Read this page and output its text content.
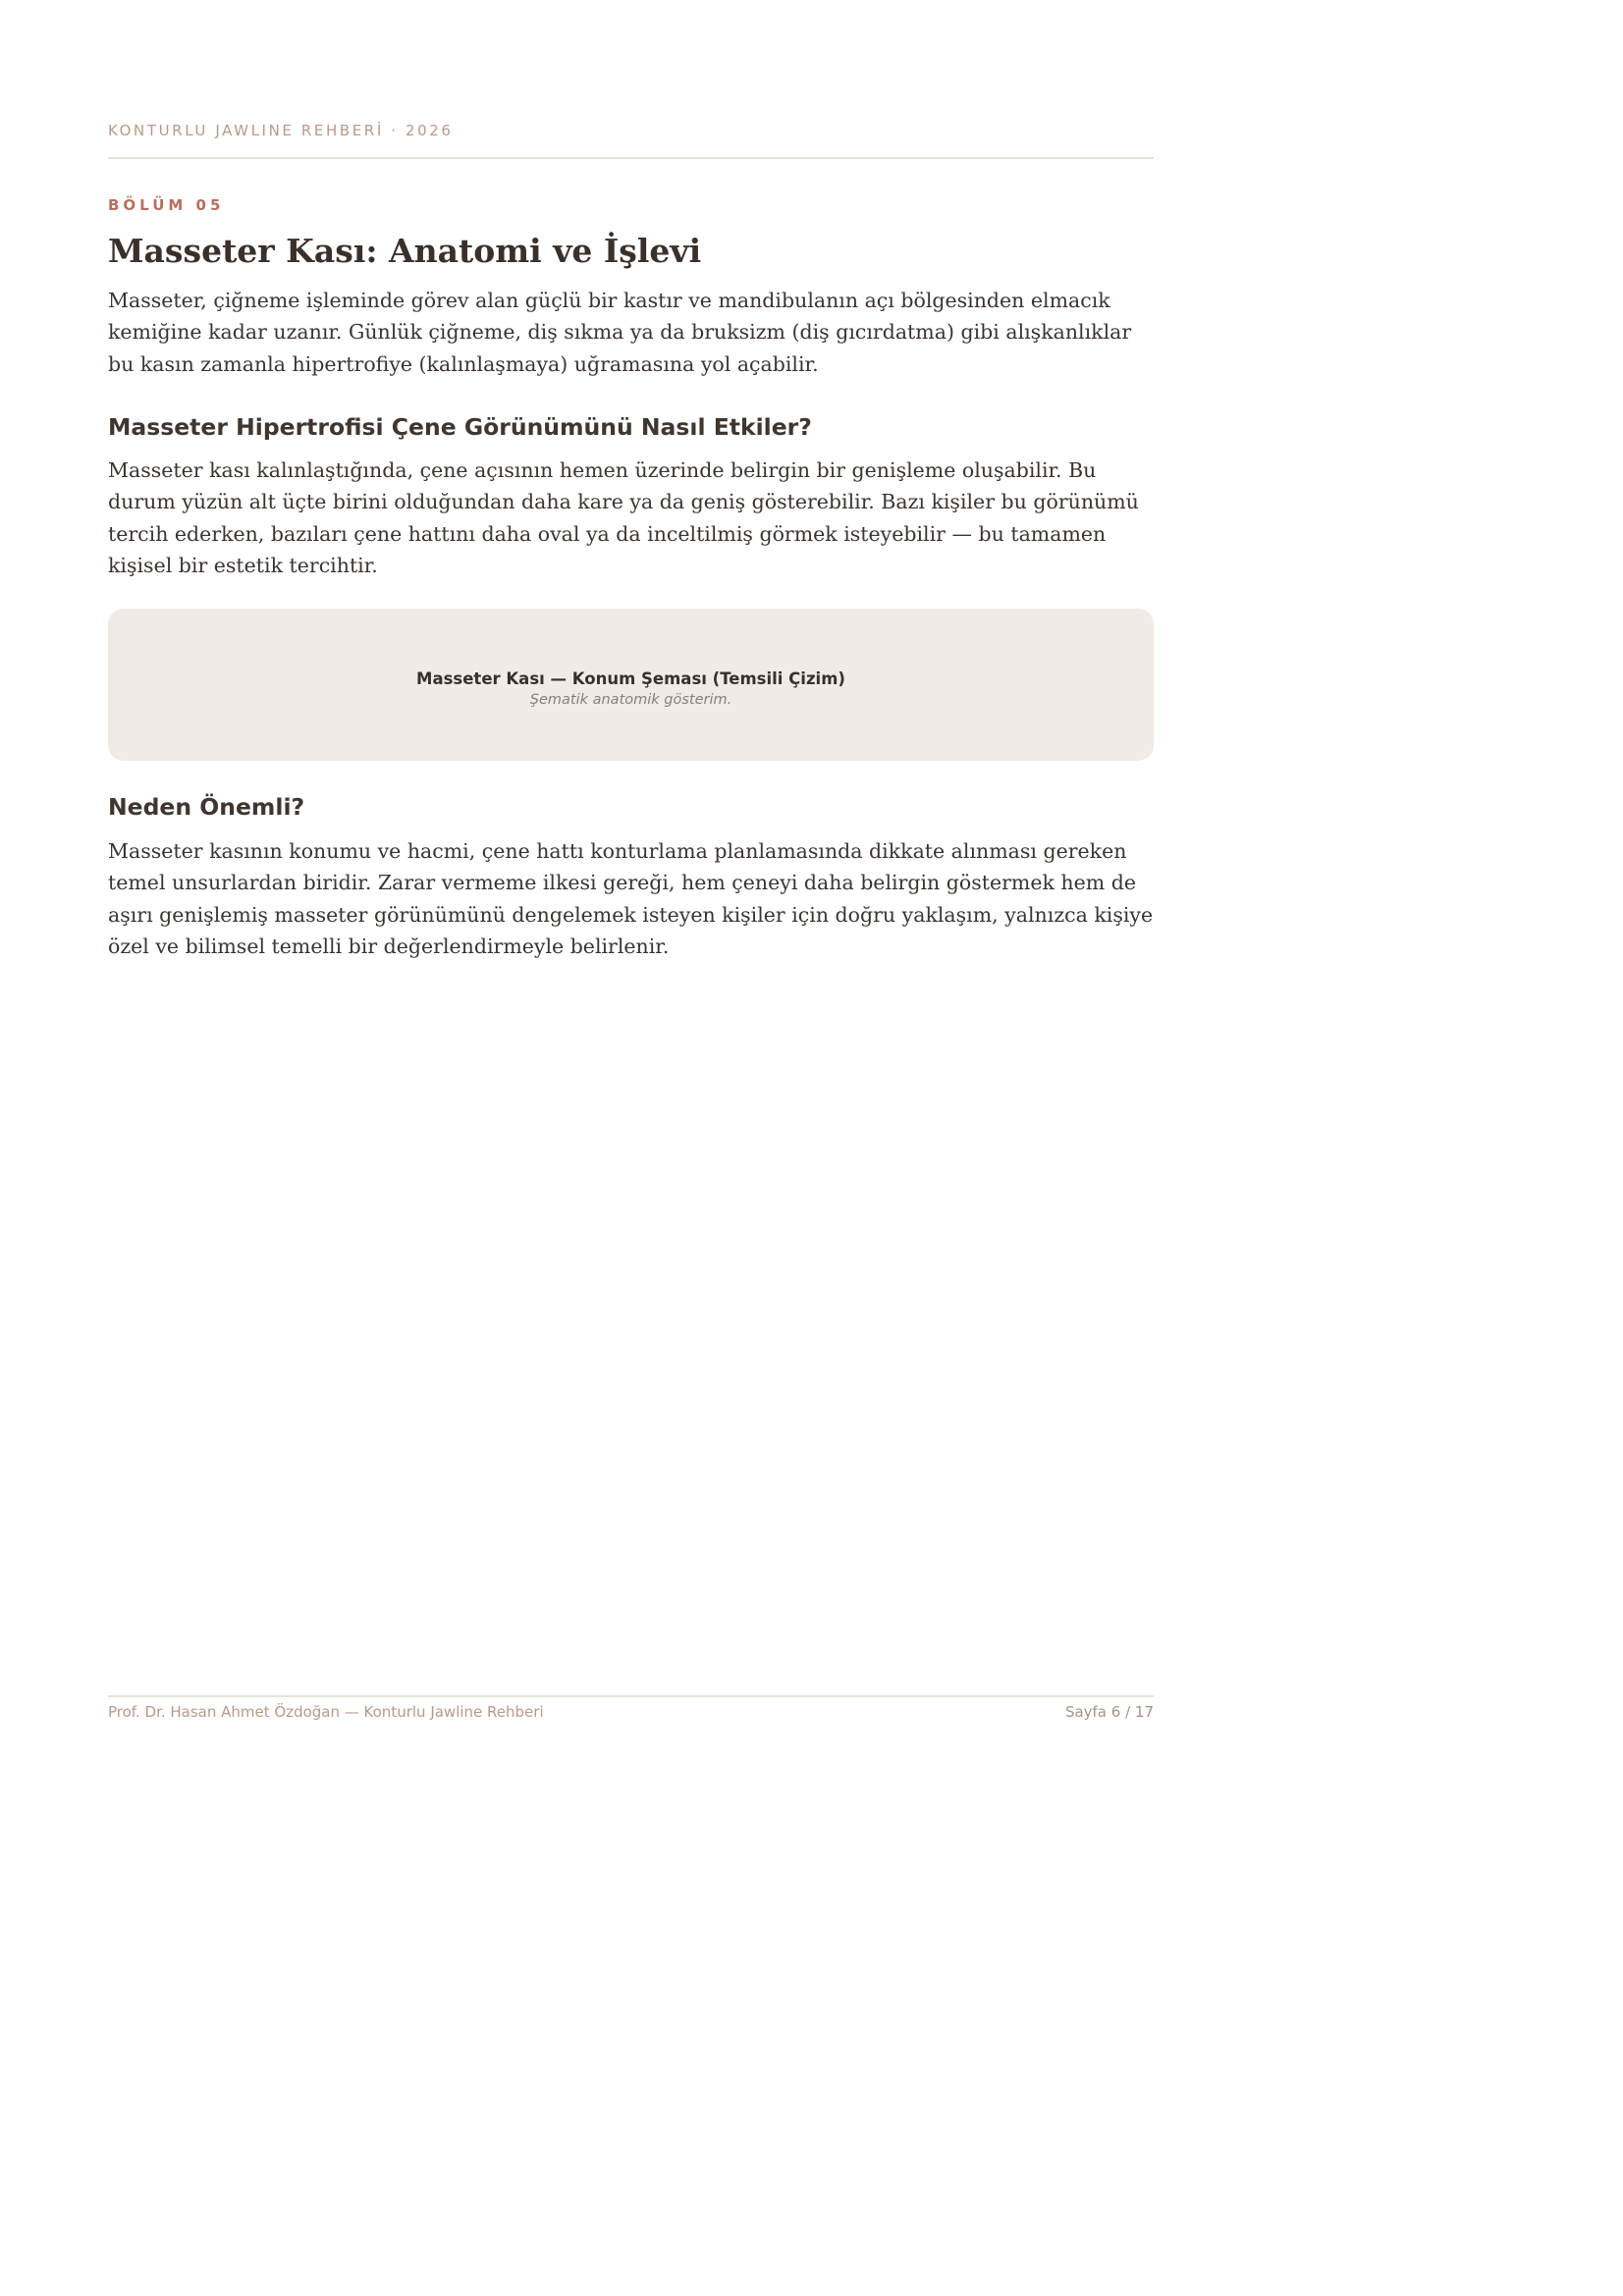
KONTURLU JAWLINE REHBERİ · 2026
BÖLÜM 05
Masseter Kası: Anatomi ve İşlevi

Masseter, çiğneme işleminde görev alan güçlü bir kastır ve mandibulanın açı bölgesinden elmacık kemiğine kadar uzanır. Günlük çiğneme, diş sıkma ya da bruksizm (diş gıcırdatma) gibi alışkanlıklar bu kasın zamanla hipertrofiye (kalınlaşmaya) uğramasına yol açabilir.

Masseter Hipertrofisi Çene Görünümünü Nasıl Etkiler?

Masseter kası kalınlaştığında, çene açısının hemen üzerinde belirgin bir genişleme oluşabilir. Bu durum yüzün alt üçte birini olduğundan daha kare ya da geniş gösterebilir. Bazı kişiler bu görünümü tercih ederken, bazıları çene hattını daha oval ya da inceltilmiş görmek isteyebilir — bu tamamen kişisel bir estetik tercihtir.

Masseter Kası — Konum Şeması (Temsili Çizim)
Şematik anatomik gösterim.
Neden Önemli?

Masseter kasının konumu ve hacmi, çene hattı konturlama planlamasında dikkate alınması gereken temel unsurlardan biridir. Zarar vermeme ilkesi gereği, hem çeneyi daha belirgin göstermek hem de aşırı genişlemiş masseter görünümünü dengelemek isteyen kişiler için doğru yaklaşım, yalnızca kişiye özel ve bilimsel temelli bir değerlendirmeyle belirlenir.

Prof. Dr. Hasan Ahmet Özdoğan — Konturlu Jawline Rehberi	Sayfa 6 / 17
